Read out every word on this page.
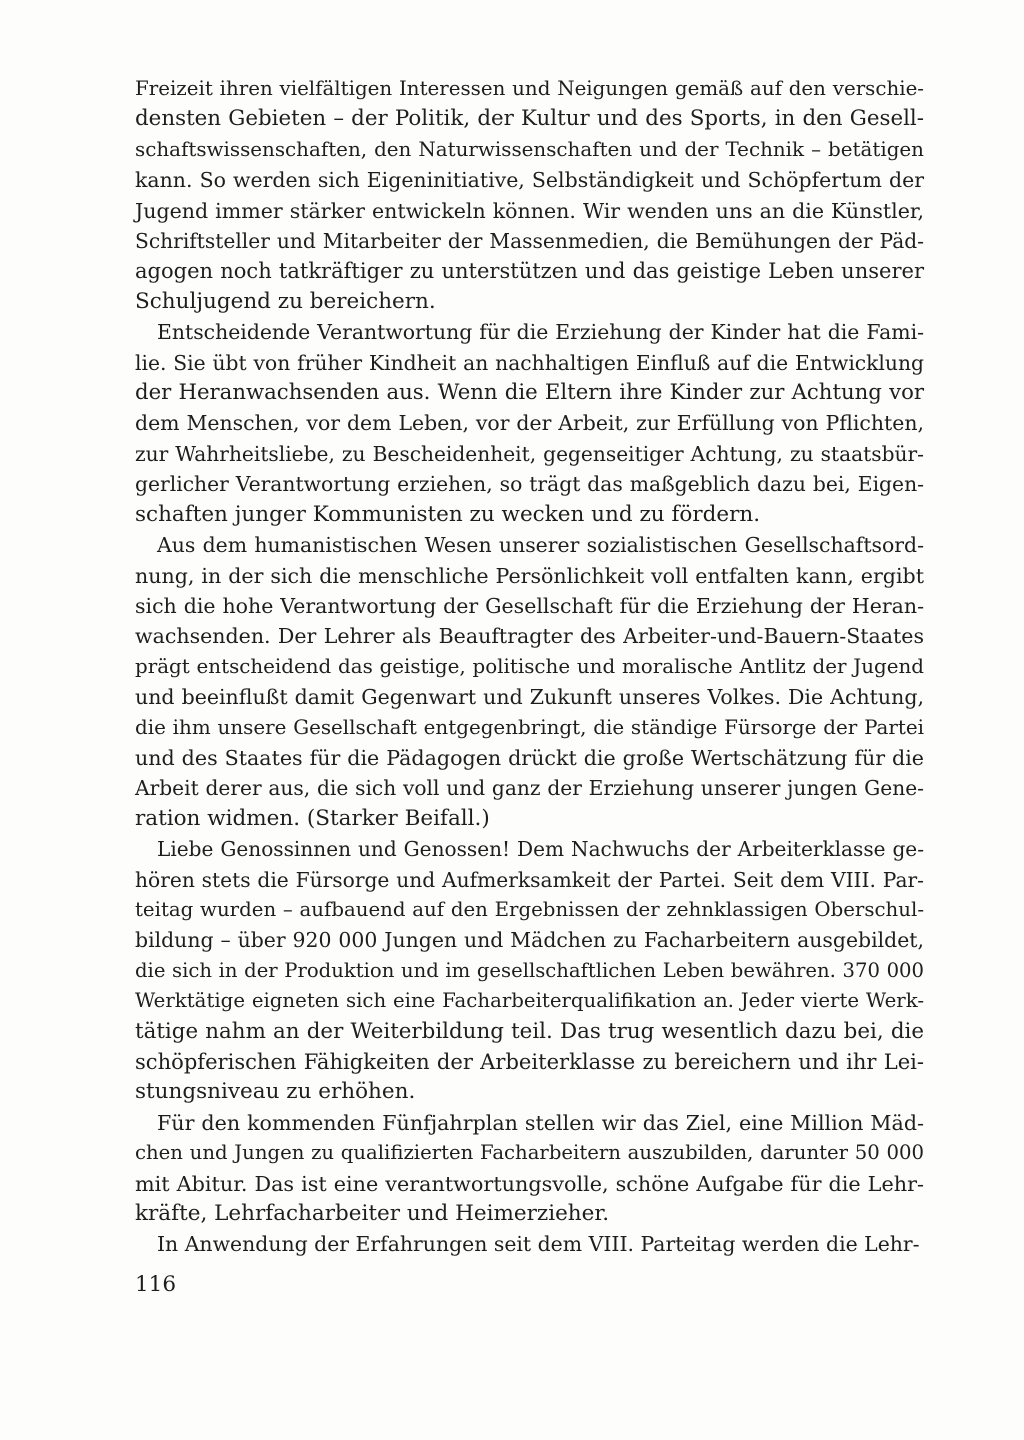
Freizeit ihren vielfältigen Interessen und Neigungen gemäß auf den verschie-
densten Gebieten – der Politik, der Kultur und des Sports, in den Gesell-
schaftswissenschaften, den Naturwissenschaften und der Technik – betätigen
kann. So werden sich Eigeninitiative, Selbständigkeit und Schöpfertum der
Jugend immer stärker entwickeln können. Wir wenden uns an die Künstler,
Schriftsteller und Mitarbeiter der Massenmedien, die Bemühungen der Päd-
agogen noch tatkräftiger zu unterstützen und das geistige Leben unserer
Schuljugend zu bereichern.
Entscheidende Verantwortung für die Erziehung der Kinder hat die Fami-
lie. Sie übt von früher Kindheit an nachhaltigen Einfluß auf die Entwicklung
der Heranwachsenden aus. Wenn die Eltern ihre Kinder zur Achtung vor
dem Menschen, vor dem Leben, vor der Arbeit, zur Erfüllung von Pflichten,
zur Wahrheitsliebe, zu Bescheidenheit, gegenseitiger Achtung, zu staatsbür-
gerlicher Verantwortung erziehen, so trägt das maßgeblich dazu bei, Eigen-
schaften junger Kommunisten zu wecken und zu fördern.
Aus dem humanistischen Wesen unserer sozialistischen Gesellschaftsord-
nung, in der sich die menschliche Persönlichkeit voll entfalten kann, ergibt
sich die hohe Verantwortung der Gesellschaft für die Erziehung der Heran-
wachsenden. Der Lehrer als Beauftragter des Arbeiter-und-Bauern-Staates
prägt entscheidend das geistige, politische und moralische Antlitz der Jugend
und beeinflußt damit Gegenwart und Zukunft unseres Volkes. Die Achtung,
die ihm unsere Gesellschaft entgegenbringt, die ständige Fürsorge der Partei
und des Staates für die Pädagogen drückt die große Wertschätzung für die
Arbeit derer aus, die sich voll und ganz der Erziehung unserer jungen Gene-
ration widmen. (Starker Beifall.)
Liebe Genossinnen und Genossen! Dem Nachwuchs der Arbeiterklasse ge-
hören stets die Fürsorge und Aufmerksamkeit der Partei. Seit dem VIII. Par-
teitag wurden – aufbauend auf den Ergebnissen der zehnklassigen Oberschul-
bildung – über 920 000 Jungen und Mädchen zu Facharbeitern ausgebildet,
die sich in der Produktion und im gesellschaftlichen Leben bewähren. 370 000
Werktätige eigneten sich eine Facharbeiterqualifikation an. Jeder vierte Werk-
tätige nahm an der Weiterbildung teil. Das trug wesentlich dazu bei, die
schöpferischen Fähigkeiten der Arbeiterklasse zu bereichern und ihr Lei-
stungsniveau zu erhöhen.
Für den kommenden Fünfjahrplan stellen wir das Ziel, eine Million Mäd-
chen und Jungen zu qualifizierten Facharbeitern auszubilden, darunter 50 000
mit Abitur. Das ist eine verantwortungsvolle, schöne Aufgabe für die Lehr-
kräfte, Lehrfacharbeiter und Heimerzieher.
In Anwendung der Erfahrungen seit dem VIII. Parteitag werden die Lehr-
116
